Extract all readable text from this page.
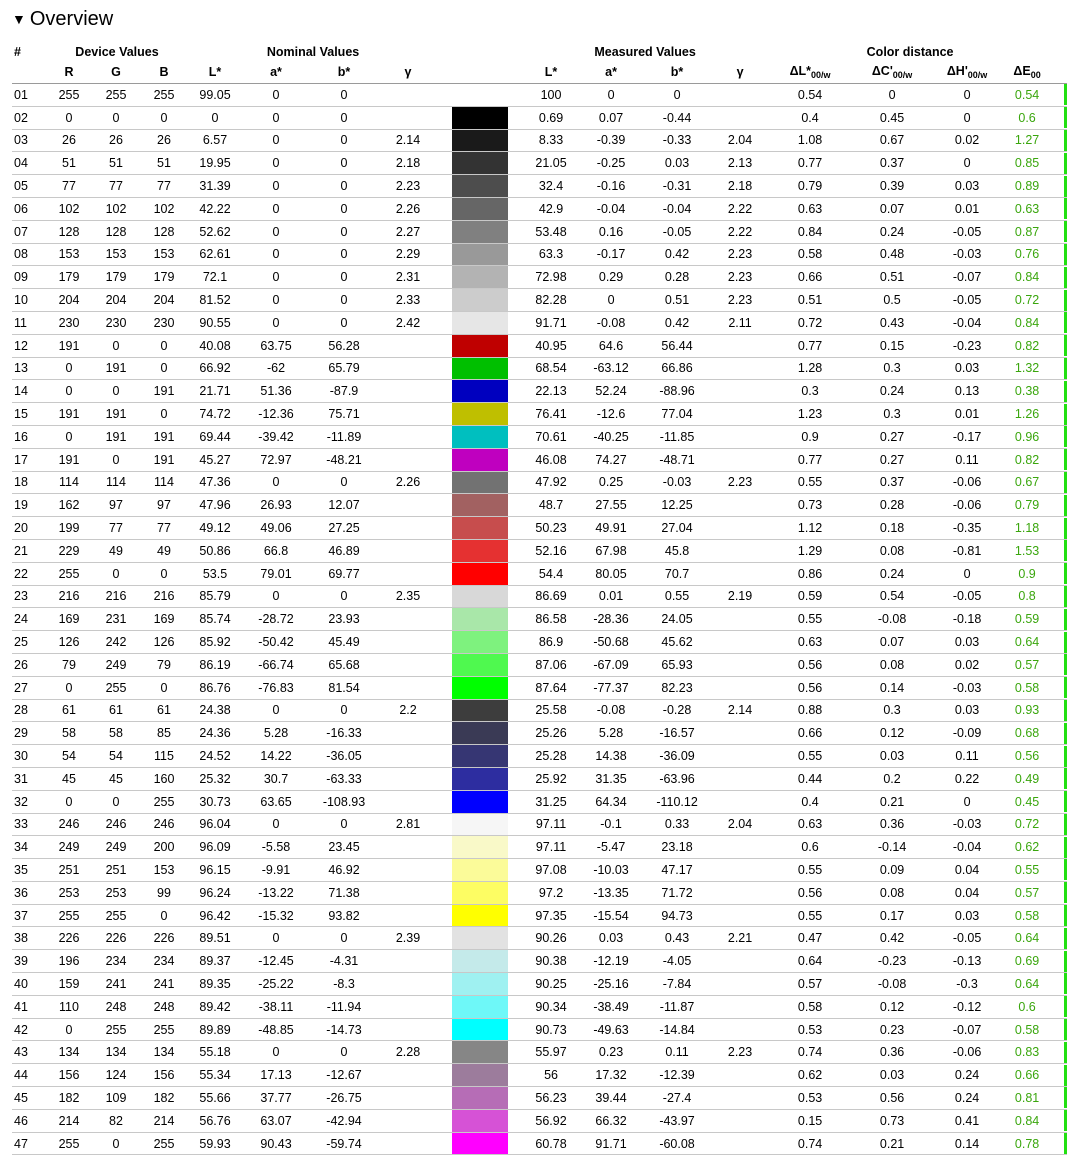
▼ Overview
#	Device Values			Nominal Values					Measured Values				Color distance					
	R	G	B	L*	a*	b*	γ		L*	a*	b*	γ	$\Delta L*_{00/w}$	$\Delta C'_{00/w}$	$\Delta H'_{00/w}$	$\Delta E_{00}$	
01	255	255	255	99.05	0	0			100	0	0		0.54	0	0	0.54		

02	0	0	0	0	0	0			0.69	0.07	-0.44		0.4	0.45	0	0.6		

03	26	26	26	6.57	0	0	2.14		8.33	-0.39	-0.33	2.04	1.08	0.67	0.02	1.27		

04	51	51	51	19.95	0	0	2.18		21.05	-0.25	0.03	2.13	0.77	0.37	0	0.85		

05	77	77	77	31.39	0	0	2.23		32.4	-0.16	-0.31	2.18	0.79	0.39	0.03	0.89		

06	102	102	102	42.22	0	0	2.26		42.9	-0.04	-0.04	2.22	0.63	0.07	0.01	0.63		

07	128	128	128	52.62	0	0	2.27		53.48	0.16	-0.05	2.22	0.84	0.24	-0.05	0.87		

08	153	153	153	62.61	0	0	2.29		63.3	-0.17	0.42	2.23	0.58	0.48	-0.03	0.76		

09	179	179	179	72.1	0	0	2.31		72.98	0.29	0.28	2.23	0.66	0.51	-0.07	0.84		

10	204	204	204	81.52	0	0	2.33		82.28	0	0.51	2.23	0.51	0.5	-0.05	0.72		

11	230	230	230	90.55	0	0	2.42		91.71	-0.08	0.42	2.11	0.72	0.43	-0.04	0.84		

12	191	0	0	40.08	63.75	56.28			40.95	64.6	56.44		0.77	0.15	-0.23	0.82		

13	0	191	0	66.92	-62	65.79			68.54	-63.12	66.86		1.28	0.3	0.03	1.32		

14	0	0	191	21.71	51.36	-87.9			22.13	52.24	-88.96		0.3	0.24	0.13	0.38		

15	191	191	0	74.72	-12.36	75.71			76.41	-12.6	77.04		1.23	0.3	0.01	1.26		

16	0	191	191	69.44	-39.42	-11.89			70.61	-40.25	-11.85		0.9	0.27	-0.17	0.96		

17	191	0	191	45.27	72.97	-48.21			46.08	74.27	-48.71		0.77	0.27	0.11	0.82		

18	114	114	114	47.36	0	0	2.26		47.92	0.25	-0.03	2.23	0.55	0.37	-0.06	0.67		

19	162	97	97	47.96	26.93	12.07			48.7	27.55	12.25		0.73	0.28	-0.06	0.79		

20	199	77	77	49.12	49.06	27.25			50.23	49.91	27.04		1.12	0.18	-0.35	1.18		

21	229	49	49	50.86	66.8	46.89			52.16	67.98	45.8		1.29	0.08	-0.81	1.53		

22	255	0	0	53.5	79.01	69.77			54.4	80.05	70.7		0.86	0.24	0	0.9		

23	216	216	216	85.79	0	0	2.35		86.69	0.01	0.55	2.19	0.59	0.54	-0.05	0.8		

24	169	231	169	85.74	-28.72	23.93			86.58	-28.36	24.05		0.55	-0.08	-0.18	0.59		

25	126	242	126	85.92	-50.42	45.49			86.9	-50.68	45.62		0.63	0.07	0.03	0.64		

26	79	249	79	86.19	-66.74	65.68			87.06	-67.09	65.93		0.56	0.08	0.02	0.57		

27	0	255	0	86.76	-76.83	81.54			87.64	-77.37	82.23		0.56	0.14	-0.03	0.58		

28	61	61	61	24.38	0	0	2.2		25.58	-0.08	-0.28	2.14	0.88	0.3	0.03	0.93		

29	58	58	85	24.36	5.28	-16.33			25.26	5.28	-16.57		0.66	0.12	-0.09	0.68		

30	54	54	115	24.52	14.22	-36.05			25.28	14.38	-36.09		0.55	0.03	0.11	0.56		

31	45	45	160	25.32	30.7	-63.33			25.92	31.35	-63.96		0.44	0.2	0.22	0.49		

32	0	0	255	30.73	63.65	-108.93			31.25	64.34	-110.12		0.4	0.21	0	0.45		

33	246	246	246	96.04	0	0	2.81		97.11	-0.1	0.33	2.04	0.63	0.36	-0.03	0.72		

34	249	249	200	96.09	-5.58	23.45			97.11	-5.47	23.18		0.6	-0.14	-0.04	0.62		

35	251	251	153	96.15	-9.91	46.92			97.08	-10.03	47.17		0.55	0.09	0.04	0.55		

36	253	253	99	96.24	-13.22	71.38			97.2	-13.35	71.72		0.56	0.08	0.04	0.57		

37	255	255	0	96.42	-15.32	93.82			97.35	-15.54	94.73		0.55	0.17	0.03	0.58		

38	226	226	226	89.51	0	0	2.39		90.26	0.03	0.43	2.21	0.47	0.42	-0.05	0.64		

39	196	234	234	89.37	-12.45	-4.31			90.38	-12.19	-4.05		0.64	-0.23	-0.13	0.69		

40	159	241	241	89.35	-25.22	-8.3			90.25	-25.16	-7.84		0.57	-0.08	-0.3	0.64		

41	110	248	248	89.42	-38.11	-11.94			90.34	-38.49	-11.87		0.58	0.12	-0.12	0.6		

42	0	255	255	89.89	-48.85	-14.73			90.73	-49.63	-14.84		0.53	0.23	-0.07	0.58		

43	134	134	134	55.18	0	0	2.28		55.97	0.23	0.11	2.23	0.74	0.36	-0.06	0.83		

44	156	124	156	55.34	17.13	-12.67			56	17.32	-12.39		0.62	0.03	0.24	0.66		

45	182	109	182	55.66	37.77	-26.75			56.23	39.44	-27.4		0.53	0.56	0.24	0.81		

46	214	82	214	56.76	63.07	-42.94			56.92	66.32	-43.97		0.15	0.73	0.41	0.84		

47	255	0	255	59.93	90.43	-59.74			60.78	91.71	-60.08		0.74	0.21	0.14	0.78		
